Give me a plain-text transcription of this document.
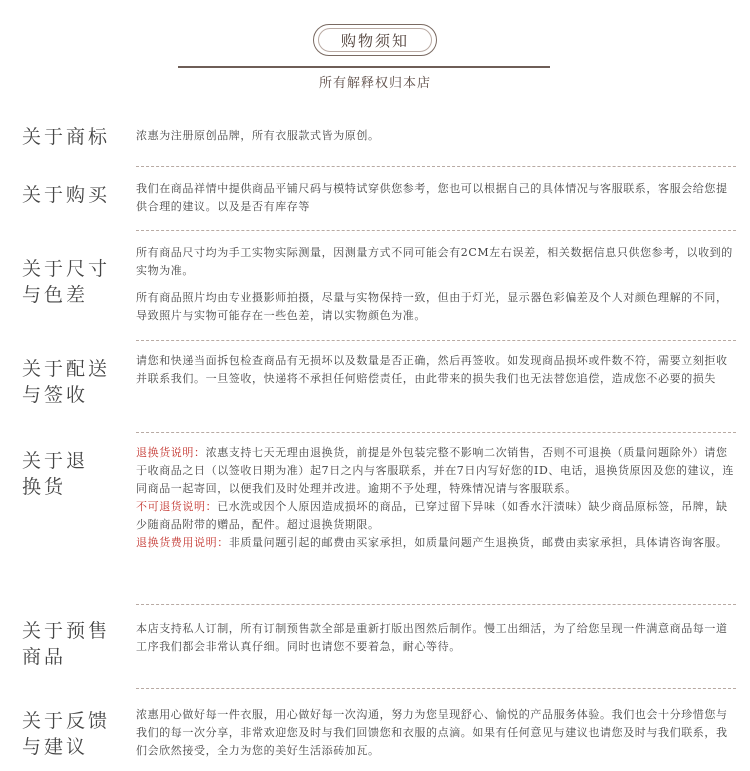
购物须知
所有解释权归本店
关于商标	浓惠为注册原创品牌，所有衣服款式皆为原创。

关于购买	我们在商品祥情中提供商品平铺尺码与模特试穿供您参考，您也可以根据自己的具体情况与客服联系，客服会给您提供合理的建议。以及是否有库存等

关于尺寸
与色差

所有商品尺寸均为手工实物实际测量，因测量方式不同可能会有2CM左右误差，相关数据信息只供您参考，以收到的实物为准。

所有商品照片均由专业摄影师拍摄，尽量与实物保持一致，但由于灯光，显示器色彩偏差及个人对颜色理解的不同，导致照片与实物可能存在一些色差，请以实物颜色为准。

关于配送
与签收

请您和快递当面拆包检查商品有无损坏以及数量是否正确，然后再签收。如发现商品损坏或件数不符，需要立刻拒收并联系我们。一旦签收，快递将不承担任何赔偿责任，由此带来的损失我们也无法替您追偿，造成您不必要的损失

关于退
换货
退换货说明：浓惠支持七天无理由退换货，前提是外包装完整不影响二次销售，否则不可退换（质量问题除外）请您于收商品之日（以签收日期为准）起7日之内与客服联系，并在7日内写好您的ID、电话，退换货原因及您的建议，连同商品一起寄回，以便我们及时处理并改进。逾期不予处理，特殊情况请与客服联系。
不可退货说明：已水洗或因个人原因造成损坏的商品，已穿过留下异味（如香水汗渍味）缺少商品原标签，吊牌，缺少随商品附带的赠品，配件。超过退换货期限。
退换货费用说明：非质量问题引起的邮费由买家承担，如质量问题产生退换货，邮费由卖家承担，具体请咨询客服。
关于预售
商品

本店支持私人订制，所有订制预售款全部是重新打版出图然后制作。慢工出细活，为了给您呈现一件满意商品每一道工序我们都会非常认真仔细。同时也请您不要着急，耐心等待。

关于反馈
与建议

浓惠用心做好每一件衣服，用心做好每一次沟通，努力为您呈现舒心、愉悦的产品服务体验。我们也会十分珍惜您与我们的每一次分享，非常欢迎您及时与我们回馈您和衣服的点滴。如果有任何意见与建议也请您及时与我们联系，我们会欣然接受，全力为您的美好生活添砖加瓦。
